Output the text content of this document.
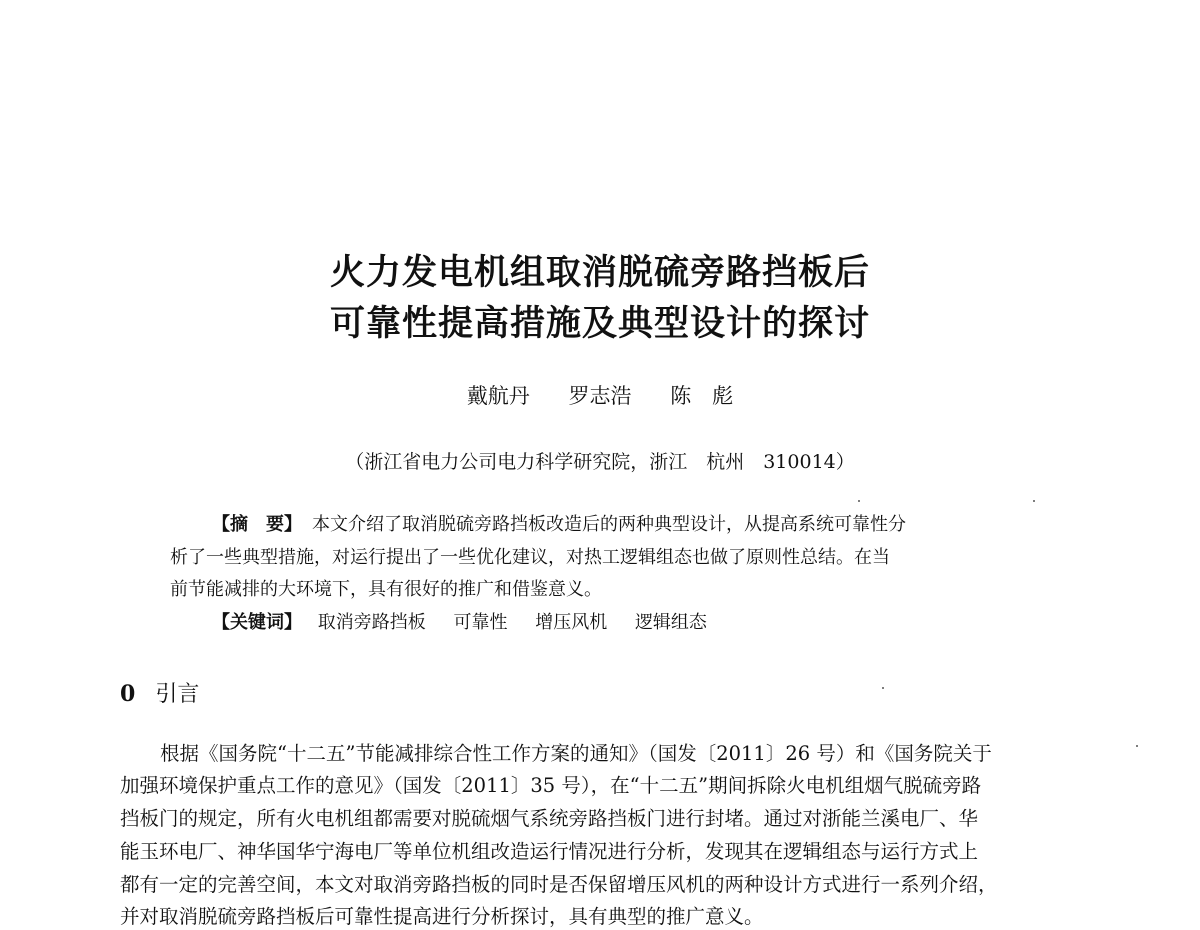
火力发电机组取消脱硫旁路挡板后
可靠性提高措施及典型设计的探讨
戴航丹 罗志浩 陈　彪
（浙江省电力公司电力科学研究院，浙江　杭州　310014）
【摘　要】 本文介绍了取消脱硫旁路挡板改造后的两种典型设计，从提高系统可靠性分
析了一些典型措施，对运行提出了一些优化建议，对热工逻辑组态也做了原则性总结。在当
前节能减排的大环境下，具有很好的推广和借鉴意义。
【关键词】 取消旁路挡板 可靠性 增压风机 逻辑组态
0 引言
根据《国务院“十二五”节能减排综合性工作方案的通知》（国发〔2011〕26 号）和《国务院关于
加强环境保护重点工作的意见》（国发〔2011〕35 号），在“十二五”期间拆除火电机组烟气脱硫旁路
挡板门的规定，所有火电机组都需要对脱硫烟气系统旁路挡板门进行封堵。通过对浙能兰溪电厂、华
能玉环电厂、神华国华宁海电厂等单位机组改造运行情况进行分析，发现其在逻辑组态与运行方式上
都有一定的完善空间，本文对取消旁路挡板的同时是否保留增压风机的两种设计方式进行一系列介绍，
并对取消脱硫旁路挡板后可靠性提高进行分析探讨，具有典型的推广意义。
